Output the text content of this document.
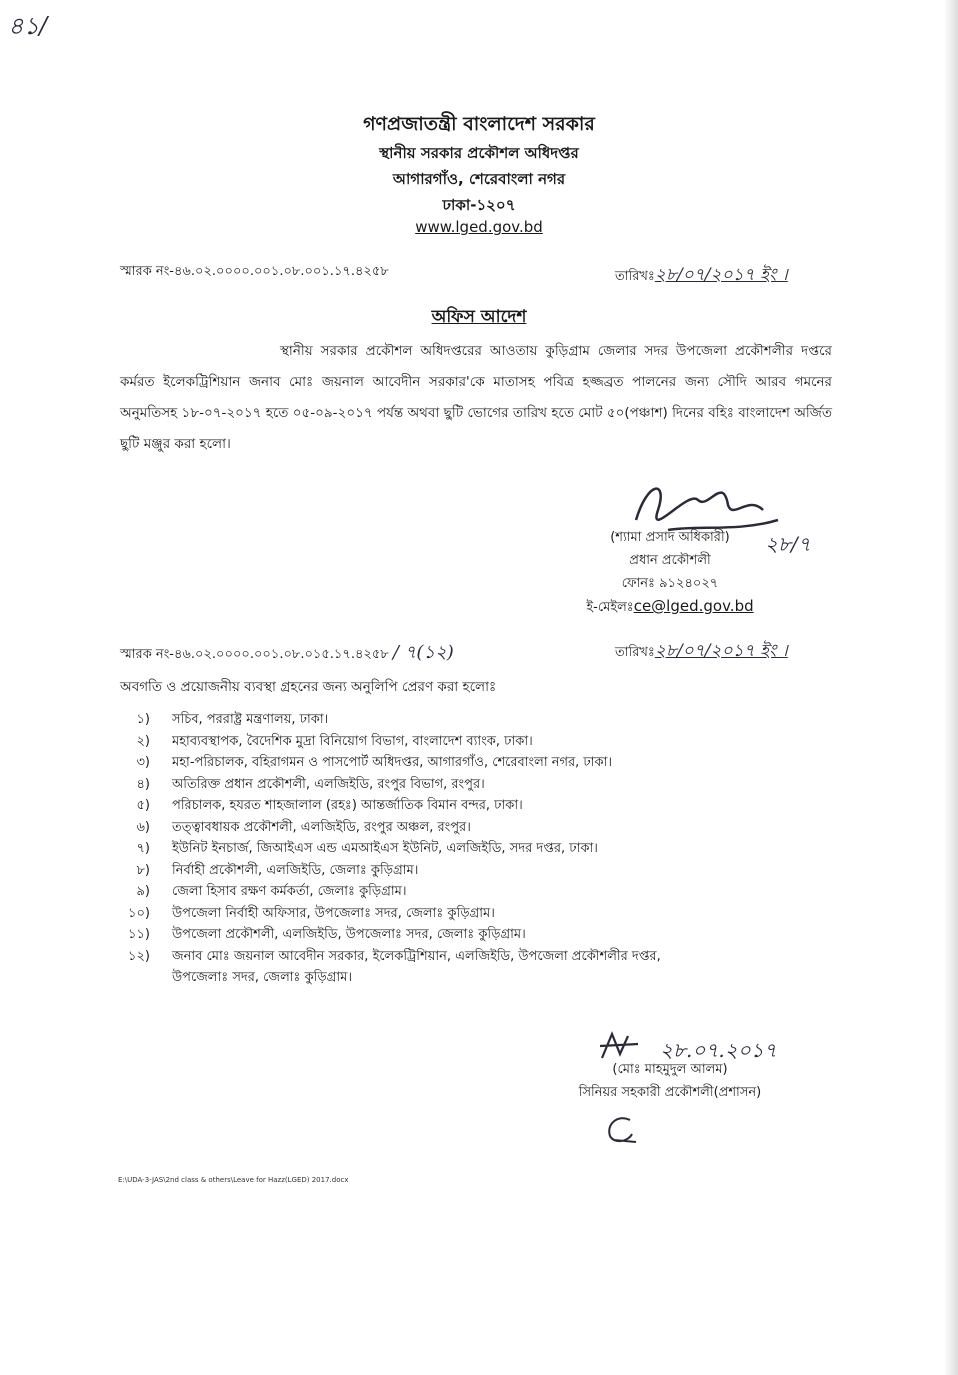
৪১/
গণপ্রজাতন্ত্রী বাংলাদেশ সরকার
স্থানীয় সরকার প্রকৌশল অধিদপ্তর
আগারগাঁও, শেরেবাংলা নগর
ঢাকা-১২০৭
www.lged.gov.bd
স্মারক নং-৪৬.০২.০০০০.০০১.০৮.০০১.১৭.৪২৫৮	তারিখঃ২৮/০৭/২০১৭ ইং ।
অফিস আদেশ
স্থানীয় সরকার প্রকৌশল অধিদপ্তরের আওতায় কুড়িগ্রাম জেলার সদর উপজেলা প্রকৌশলীর দপ্তরে কর্মরত ইলেকট্রিশিয়ান জনাব মোঃ জয়নাল আবেদীন সরকার'কে মাতাসহ পবিত্র হজ্জব্রত পালনের জন্য সৌদি আরব গমনের অনুমতিসহ ১৮-০৭-২০১৭ হতে ০৫-০৯-২০১৭ পর্যন্ত অথবা ছুটি ভোগের তারিখ হতে মোট ৫০(পঞ্চাশ) দিনের বহিঃ বাংলাদেশ অর্জিত ছুটি মঞ্জুর করা হলো।
২৮/৭
(শ্যামা প্রসাদ অধিকারী)
প্রধান প্রকৌশলী
ফোনঃ ৯১২৪০২৭
ই-মেইলঃce@lged.gov.bd
স্মারক নং-৪৬.০২.০০০০.০০১.০৮.০১৫.১৭.৪২৫৮ / ৭(১২)	তারিখঃ২৮/০৭/২০১৭ ইং ।
অবগতি ও প্রয়োজনীয় ব্যবস্থা গ্রহনের জন্য অনুলিপি প্রেরণ করা হলোঃ
১) সচিব, পররাষ্ট্র মন্ত্রণালয়, ঢাকা।
২) মহাব্যবস্থাপক, বৈদেশিক মুদ্রা বিনিয়োগ বিভাগ, বাংলাদেশ ব্যাংক, ঢাকা।
৩) মহা-পরিচালক, বহিরাগমন ও পাসপোর্ট অধিদপ্তর, আগারগাঁও, শেরেবাংলা নগর, ঢাকা।
৪) অতিরিক্ত প্রধান প্রকৌশলী, এলজিইডি, রংপুর বিভাগ, রংপুর।
৫) পরিচালক, হযরত শাহজালাল (রহঃ) আন্তর্জাতিক বিমান বন্দর, ঢাকা।
৬) তত্ত্বাবধায়ক প্রকৌশলী, এলজিইডি, রংপুর অঞ্চল, রংপুর।
৭) ইউনিট ইনচার্জ, জিআইএস এন্ড এমআইএস ইউনিট, এলজিইডি, সদর দপ্তর, ঢাকা।
৮) নির্বাহী প্রকৌশলী, এলজিইডি, জেলাঃ কুড়িগ্রাম।
৯) জেলা হিসাব রক্ষণ কর্মকর্তা, জেলাঃ কুড়িগ্রাম।
১০) উপজেলা নির্বাহী অফিসার, উপজেলাঃ সদর, জেলাঃ কুড়িগ্রাম।
১১) উপজেলা প্রকৌশলী, এলজিইডি, উপজেলাঃ সদর, জেলাঃ কুড়িগ্রাম।
১২) জনাব মোঃ জয়নাল আবেদীন সরকার, ইলেকট্রিশিয়ান, এলজিইডি, উপজেলা প্রকৌশলীর দপ্তর,
উপজেলাঃ সদর, জেলাঃ কুড়িগ্রাম।
২৮.০৭.২০১৭
(মোঃ মাহমুদুল আলম)
সিনিয়র সহকারী প্রকৌশলী(প্রশাসন)
E:\UDA-3-JAS\2nd class & others\Leave for Hazz(LGED) 2017.docx
